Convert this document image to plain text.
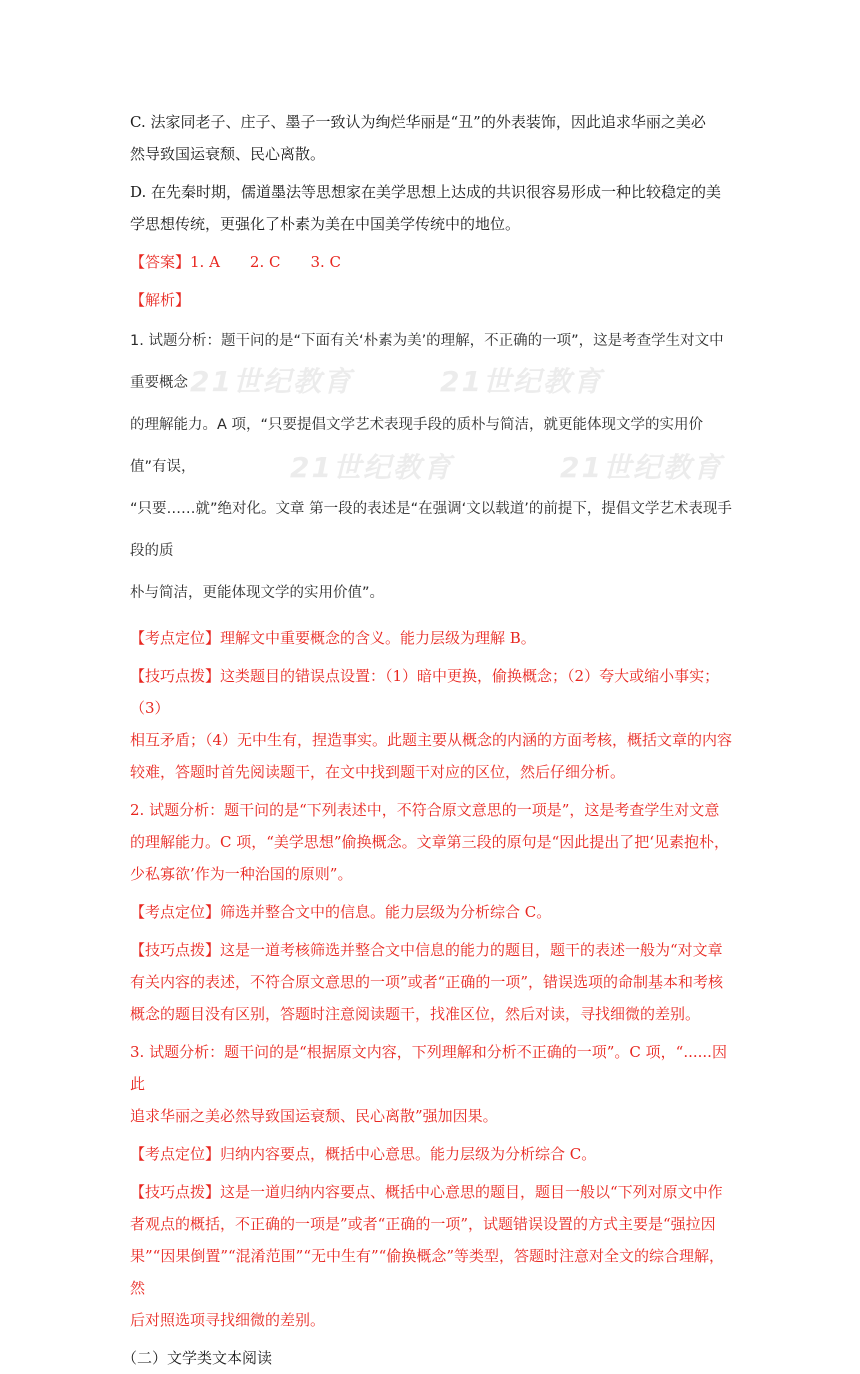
C. 法家同老子、庄子、墨子一致认为绚烂华丽是“丑”的外表装饰，因此追求华丽之美必

然导致国运衰颓、民心离散。

D. 在先秦时期，儒道墨法等思想家在美学思想上达成的共识很容易形成一种比较稳定的美

学思想传统，更强化了朴素为美在中国美学传统中的地位。

【答案】1. A　　2. C　　3. C

【解析】

21世纪教育	21世纪教育
21世纪教育	21世纪教育

1. 试题分析：题干问的是“下面有关‘朴素为美’的理解，不正确的一项”，这是考查学生对文中重要概念

的理解能力。A 项，“只要提倡文学艺术表现手段的质朴与简洁，就更能体现文学的实用价值”有误，

“只要……就”绝对化。文章 第一段的表述是“在强调‘文以载道’的前提下，提倡文学艺术表现手段的质

朴与简洁，更能体现文学的实用价值”。

【考点定位】理解文中重要概念的含义。能力层级为理解 B。

【技巧点拨】这类题目的错误点设置：（1）暗中更换，偷换概念；（2）夸大或缩小事实；（3）

相互矛盾；（4）无中生有，捏造事实。此题主要从概念的内涵的方面考核，概括文章的内容

较难，答题时首先阅读题干，在文中找到题干对应的区位，然后仔细分析。

2. 试题分析：题干问的是“下列表述中，不符合原文意思的一项是”，这是考查学生对文意

的理解能力。C 项，“美学思想”偷换概念。文章第三段的原句是“因此提出了把‘见素抱朴，

少私寡欲’作为一种治国的原则”。

【考点定位】筛选并整合文中的信息。能力层级为分析综合 C。

【技巧点拨】这是一道考核筛选并整合文中信息的能力的题目，题干的表述一般为“对文章

有关内容的表述，不符合原文意思的一项”或者“正确的一项”，错误选项的命制基本和考核

概念的题目没有区别，答题时注意阅读题干，找准区位，然后对读，寻找细微的差别。

3. 试题分析：题干问的是“根据原文内容，下列理解和分析不正确的一项”。C 项，“......因此

追求华丽之美必然导致国运衰颓、民心离散”强加因果。

【考点定位】归纳内容要点，概括中心意思。能力层级为分析综合 C。

【技巧点拨】这是一道归纳内容要点、概括中心意思的题目，题目一般以“下列对原文中作

者观点的概括，不正确的一项是”或者“正确的一项”，试题错误设置的方式主要是“强拉因

果”“因果倒置”“混淆范围”“无中生有”“偷换概念”等类型，答题时注意对全文的综合理解，然

后对照选项寻找细微的差别。

（二）文学类文本阅读
